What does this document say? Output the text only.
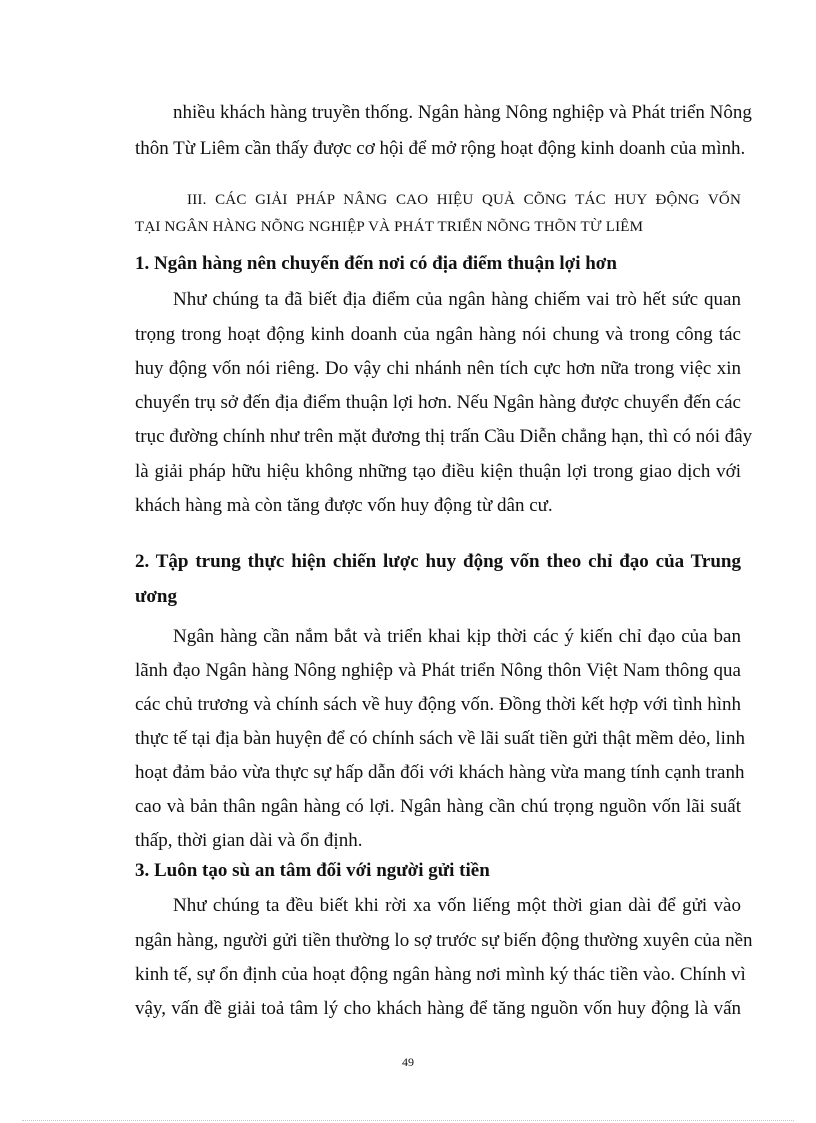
nhiều khách hàng truyền thống. Ngân hàng Nông nghiệp và Phát triển Nông
thôn Từ Liêm cần thấy được cơ hội để mở rộng hoạt động kinh doanh của mình.
III. CÁC GIẢI PHÁP NÂNG CAO HIỆU QUẢ CÕNG TÁC HUY ĐỘNG VỐN
TẠI NGÂN HÀNG NÕNG NGHIỆP VÀ PHÁT TRIỂN NÕNG THÕN TỪ LIÊM
1. Ngân hàng nên chuyển đến nơi có địa điểm thuận lợi hơn
Như chúng ta đã biết địa điểm của ngân hàng chiếm vai trò hết sức quan
trọng trong hoạt động kinh doanh của ngân hàng nói chung và trong công tác
huy động vốn nói riêng. Do vậy chi nhánh nên tích cực hơn nữa trong việc xin
chuyển trụ sở đến địa điểm thuận lợi hơn. Nếu Ngân hàng được chuyển đến các
trục đường chính như trên mặt đương thị trấn Cầu Diễn chẳng hạn, thì có nói đây
là giải pháp hữu hiệu không những tạo điều kiện thuận lợi trong giao dịch với
khách hàng mà còn tăng được vốn huy động từ dân cư.
2. Tập trung thực hiện chiến lược huy động vốn theo chỉ đạo của Trung
ương
Ngân hàng cần nắm bắt và triển khai kịp thời các ý kiến chỉ đạo của ban
lãnh đạo Ngân hàng Nông nghiệp và Phát triển Nông thôn Việt Nam thông qua
các chủ trương và chính sách về huy động vốn. Đồng thời kết hợp với tình hình
thực tế tại địa bàn huyện để có chính sách về lãi suất tiền gửi thật mềm dẻo, linh
hoạt đảm bảo vừa thực sự hấp dẫn đối với khách hàng vừa mang tính cạnh tranh
cao và bản thân ngân hàng có lợi. Ngân hàng cần chú trọng nguồn vốn lãi suất
thấp, thời gian dài và ổn định.
3. Luôn tạo sù an tâm đối với người gửi tiền
Như chúng ta đều biết khi rời xa vốn liếng một thời gian dài để gửi vào
ngân hàng, người gửi tiền thường lo sợ trước sự biến động thường xuyên của nền
kinh tế, sự ổn định của hoạt động ngân hàng nơi mình ký thác tiền vào. Chính vì
vậy, vấn đề giải toả tâm lý cho khách hàng để tăng nguồn vốn huy động là vấn
49
